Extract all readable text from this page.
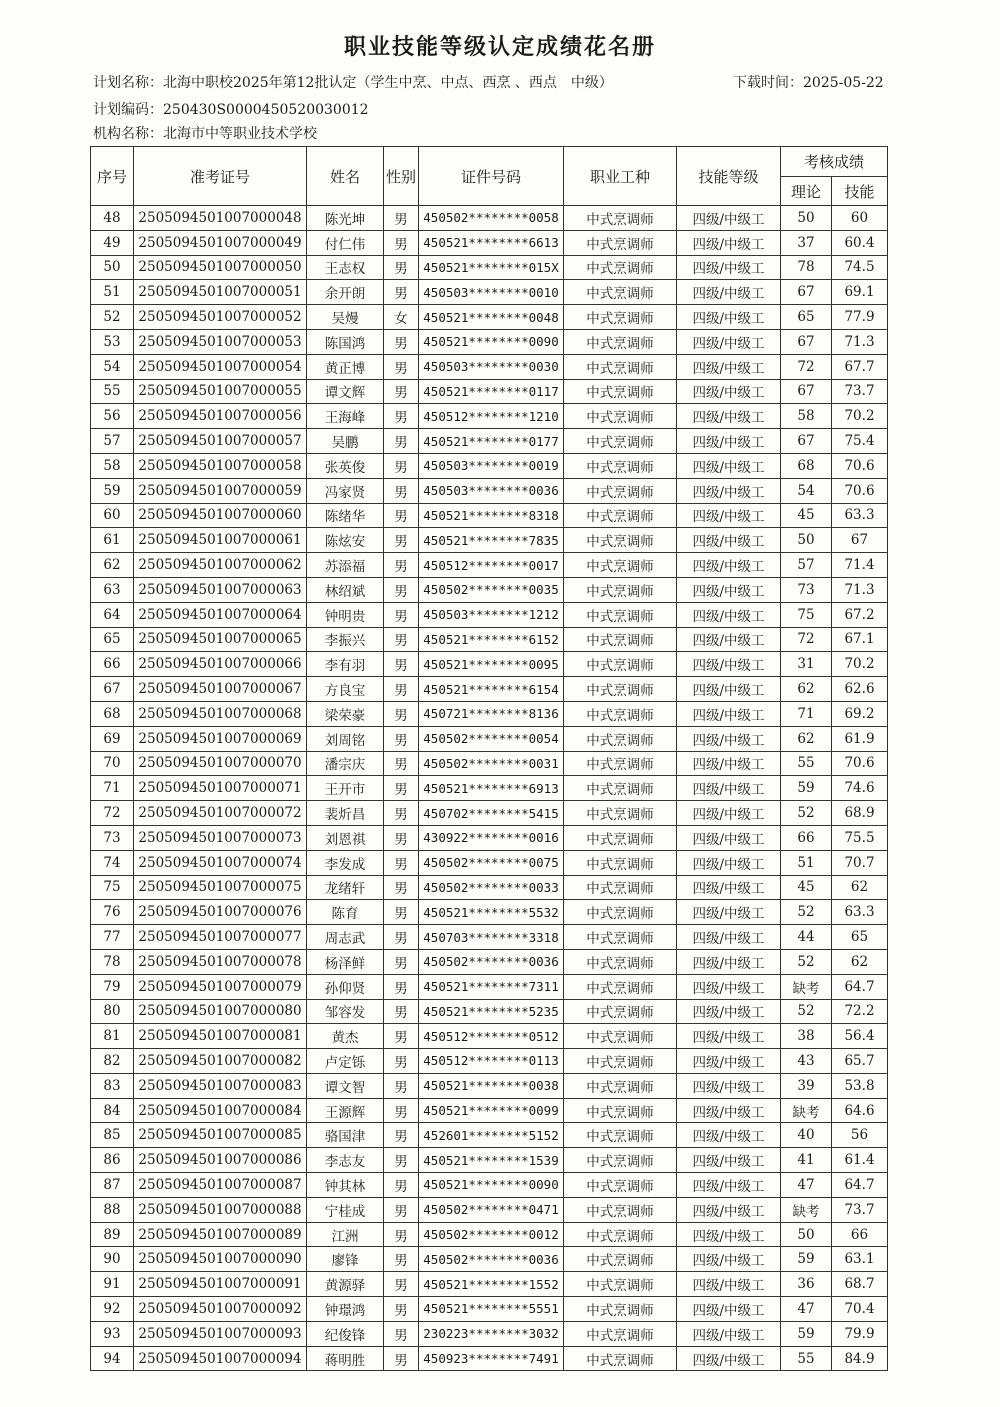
职业技能等级认定成绩花名册
计划名称：北海中职校2025年第12批认定（学生中烹、中点、西烹 、西点　中级）	下载时间：2025-05-22
计划编码：250430S0000450520030012
机构名称：北海市中等职业技术学校
序号	准考证号	姓名	性别	证件号码	职业工种	技能等级	考核成绩	
							理论	技能
48	2505094501007000048	陈光坤	男	450502********0058	中式烹调师	四级/中级工	50	60
49	2505094501007000049	付仁伟	男	450521********6613	中式烹调师	四级/中级工	37	60.4
50	2505094501007000050	王志权	男	450521********015X	中式烹调师	四级/中级工	78	74.5
51	2505094501007000051	余开朗	男	450503********0010	中式烹调师	四级/中级工	67	69.1
52	2505094501007000052	吴熳	女	450521********0048	中式烹调师	四级/中级工	65	77.9
53	2505094501007000053	陈国鸿	男	450521********0090	中式烹调师	四级/中级工	67	71.3
54	2505094501007000054	黄正博	男	450503********0030	中式烹调师	四级/中级工	72	67.7
55	2505094501007000055	谭文辉	男	450521********0117	中式烹调师	四级/中级工	67	73.7
56	2505094501007000056	王海峰	男	450512********1210	中式烹调师	四级/中级工	58	70.2
57	2505094501007000057	吴鹏	男	450521********0177	中式烹调师	四级/中级工	67	75.4
58	2505094501007000058	张英俊	男	450503********0019	中式烹调师	四级/中级工	68	70.6
59	2505094501007000059	冯家贤	男	450503********0036	中式烹调师	四级/中级工	54	70.6
60	2505094501007000060	陈绪华	男	450521********8318	中式烹调师	四级/中级工	45	63.3
61	2505094501007000061	陈炫安	男	450521********7835	中式烹调师	四级/中级工	50	67
62	2505094501007000062	苏添福	男	450512********0017	中式烹调师	四级/中级工	57	71.4
63	2505094501007000063	林绍斌	男	450502********0035	中式烹调师	四级/中级工	73	71.3
64	2505094501007000064	钟明贵	男	450503********1212	中式烹调师	四级/中级工	75	67.2
65	2505094501007000065	李振兴	男	450521********6152	中式烹调师	四级/中级工	72	67.1
66	2505094501007000066	李有羽	男	450521********0095	中式烹调师	四级/中级工	31	70.2
67	2505094501007000067	方良宝	男	450521********6154	中式烹调师	四级/中级工	62	62.6
68	2505094501007000068	梁荣豪	男	450721********8136	中式烹调师	四级/中级工	71	69.2
69	2505094501007000069	刘周铭	男	450502********0054	中式烹调师	四级/中级工	62	61.9
70	2505094501007000070	潘宗庆	男	450502********0031	中式烹调师	四级/中级工	55	70.6
71	2505094501007000071	王开市	男	450521********6913	中式烹调师	四级/中级工	59	74.6
72	2505094501007000072	裴炘昌	男	450702********5415	中式烹调师	四级/中级工	52	68.9
73	2505094501007000073	刘恩祺	男	430922********0016	中式烹调师	四级/中级工	66	75.5
74	2505094501007000074	李发成	男	450502********0075	中式烹调师	四级/中级工	51	70.7
75	2505094501007000075	龙绪轩	男	450502********0033	中式烹调师	四级/中级工	45	62
76	2505094501007000076	陈育	男	450521********5532	中式烹调师	四级/中级工	52	63.3
77	2505094501007000077	周志武	男	450703********3318	中式烹调师	四级/中级工	44	65
78	2505094501007000078	杨泽鲜	男	450502********0036	中式烹调师	四级/中级工	52	62
79	2505094501007000079	孙仰贤	男	450521********7311	中式烹调师	四级/中级工	缺考	64.7
80	2505094501007000080	邹容发	男	450521********5235	中式烹调师	四级/中级工	52	72.2
81	2505094501007000081	黄杰	男	450512********0512	中式烹调师	四级/中级工	38	56.4
82	2505094501007000082	卢定铄	男	450512********0113	中式烹调师	四级/中级工	43	65.7
83	2505094501007000083	谭文智	男	450521********0038	中式烹调师	四级/中级工	39	53.8
84	2505094501007000084	王源辉	男	450521********0099	中式烹调师	四级/中级工	缺考	64.6
85	2505094501007000085	骆国津	男	452601********5152	中式烹调师	四级/中级工	40	56
86	2505094501007000086	李志友	男	450521********1539	中式烹调师	四级/中级工	41	61.4
87	2505094501007000087	钟其林	男	450521********0090	中式烹调师	四级/中级工	47	64.7
88	2505094501007000088	宁桂成	男	450502********0471	中式烹调师	四级/中级工	缺考	73.7
89	2505094501007000089	江洲	男	450502********0012	中式烹调师	四级/中级工	50	66
90	2505094501007000090	廖锋	男	450502********0036	中式烹调师	四级/中级工	59	63.1
91	2505094501007000091	黄源驿	男	450521********1552	中式烹调师	四级/中级工	36	68.7
92	2505094501007000092	钟璟鸿	男	450521********5551	中式烹调师	四级/中级工	47	70.4
93	2505094501007000093	纪俊锋	男	230223********3032	中式烹调师	四级/中级工	59	79.9
94	2505094501007000094	蒋明胜	男	450923********7491	中式烹调师	四级/中级工	55	84.9
